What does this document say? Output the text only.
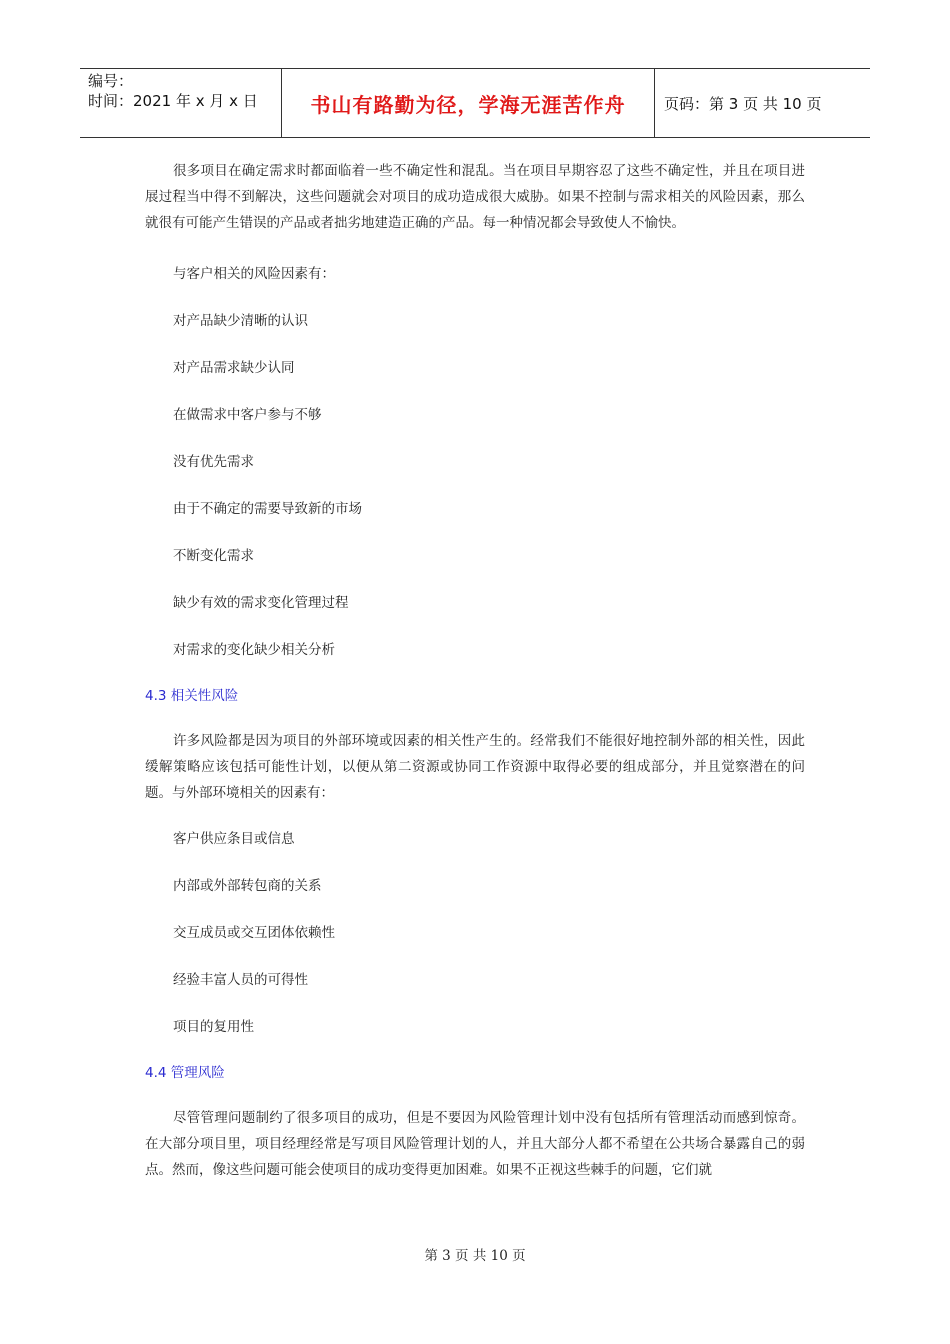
编号：
时间：2021 年 x 月 x 日	书山有路勤为径，学海无涯苦作舟	页码：第 3 页 共 10 页

很多项目在确定需求时都面临着一些不确定性和混乱。当在项目早期容忍了这些不确定性，并且在项目进展过程当中得不到解决，这些问题就会对项目的成功造成很大威胁。如果不控制与需求相关的风险因素，那么就很有可能产生错误的产品或者拙劣地建造正确的产品。每一种情况都会导致使人不愉快。

与客户相关的风险因素有：

对产品缺少清晰的认识

对产品需求缺少认同

在做需求中客户参与不够

没有优先需求

由于不确定的需要导致新的市场

不断变化需求

缺少有效的需求变化管理过程

对需求的变化缺少相关分析

4.3 相关性风险

许多风险都是因为项目的外部环境或因素的相关性产生的。经常我们不能很好地控制外部的相关性，因此缓解策略应该包括可能性计划，以便从第二资源或协同工作资源中取得必要的组成部分，并且觉察潜在的问题。与外部环境相关的因素有：

客户供应条目或信息

内部或外部转包商的关系

交互成员或交互团体依赖性

经验丰富人员的可得性

项目的复用性

4.4 管理风险

尽管管理问题制约了很多项目的成功，但是不要因为风险管理计划中没有包括所有管理活动而感到惊奇。在大部分项目里，项目经理经常是写项目风险管理计划的人，并且大部分人都不希望在公共场合暴露自己的弱点。然而，像这些问题可能会使项目的成功变得更加困难。如果不正视这些棘手的问题，它们就

第 3 页 共 10 页
